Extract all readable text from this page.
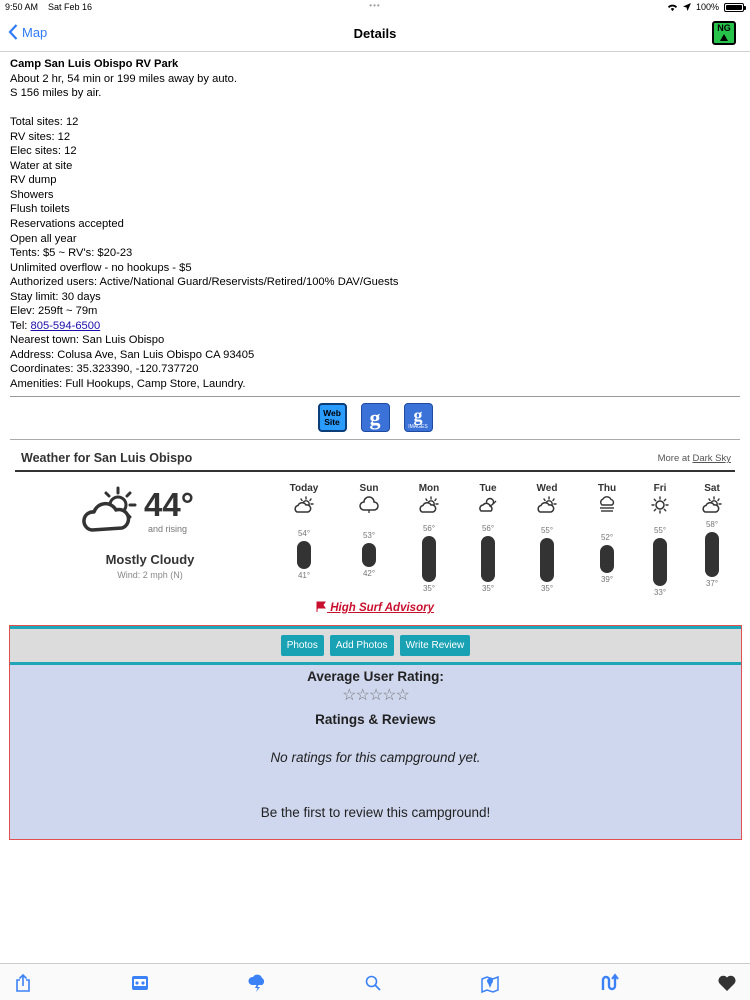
9:50 AM Sat Feb 16	•••	100%
Map	Details	NG
Camp San Luis Obispo RV Park
About 2 hr, 54 min or 199 miles away by auto.
S 156 miles by air.
Total sites: 12
RV sites: 12
Elec sites: 12
Water at site
RV dump
Showers
Flush toilets
Reservations accepted
Open all year
Tents: $5 ~ RV's: $20-23
Unlimited overflow - no hookups - $5
Authorized users: Active/National Guard/Reservists/Retired/100% DAV/Guests
Stay limit: 30 days
Elev: 259ft ~ 79m
Tel: 805-594-6500
Nearest town: San Luis Obispo
Address: Colusa Ave, San Luis Obispo CA 93405
Coordinates: 35.323390, -120.737720
Amenities: Full Hookups, Camp Store, Laundry.
Web
Site g g
IMAGES
Weather for San Luis Obispo	More at Dark Sky
44°
and rising
Mostly Cloudy
Wind: 2 mph (N)
Today
54°
41°
Sun
53°
42°
Mon
56°
35°
Tue
56°
35°
Wed
55°
35°
Thu
52°
39°
Fri
55°
33°
Sat
58°
37°
High Surf Advisory
Photos	Add Photos	Write Review
Average User Rating:
☆☆☆☆☆
Ratings & Reviews
No ratings for this campground yet.
Be the first to review this campground!
